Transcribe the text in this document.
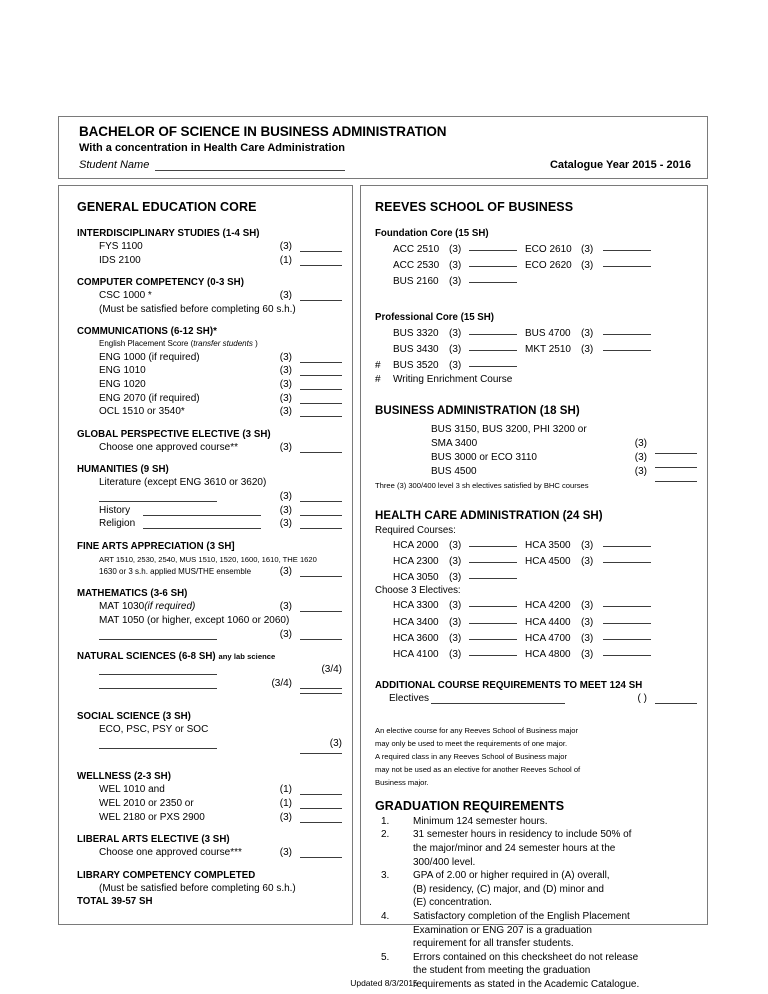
BACHELOR OF SCIENCE IN BUSINESS ADMINISTRATION
With a concentration in Health Care Administration
Student Name	Catalogue Year 2015 - 2016
GENERAL EDUCATION CORE
INTERDISCIPLINARY STUDIES (1-4 SH)
FYS 1100	(3)
IDS 2100	(1)
COMPUTER COMPETENCY (0-3 SH)
CSC 1000 *	(3)
(Must be satisfied before completing 60 s.h.)
COMMUNICATIONS (6-12 SH)*
English Placement Score (transfer students )
ENG 1000 (if required)	(3)
ENG 1010	(3)
ENG 1020	(3)
ENG 2070 (if required)	(3)
OCL 1510 or 3540*	(3)
GLOBAL PERSPECTIVE ELECTIVE (3 SH)
Choose one approved course**	(3)
HUMANITIES (9 SH)
Literature (except ENG 3610 or 3620)
(3)
History	(3)
Religion	(3)
FINE ARTS APPRECIATION (3 SH]
ART 1510, 2530, 2540, MUS 1510, 1520, 1600, 1610, THE 1620
1630 or 3 s.h. applied MUS/THE ensemble	(3)
MATHEMATICS (3-6 SH)
MAT 1030 (if required)	(3)
MAT 1050 (or higher, except 1060 or 2060)
(3)
NATURAL SCIENCES (6-8 SH) any lab science
(3/4)
(3/4)
SOCIAL SCIENCE (3 SH)
ECO, PSC, PSY or SOC
(3)
WELLNESS (2-3 SH)
WEL 1010 and	(1)
WEL 2010 or 2350 or	(1)
WEL 2180 or PXS 2900	(3)
LIBERAL ARTS ELECTIVE (3 SH)
Choose one approved course***	(3)
LIBRARY COMPETENCY COMPLETED
(Must be satisfied before completing 60 s.h.)
TOTAL 39-57 SH
REEVES SCHOOL OF BUSINESS
Foundation Core (15 SH)
ACC 2510 (3)	ECO 2610 (3)
ACC 2530 (3)	ECO 2620 (3)
BUS 2160	(3)
Professional Core (15 SH)
BUS 3320	(3)	BUS 4700	(3)
BUS 3430	(3)	MKT 2510	(3)
#	BUS 3520	(3)
#	Writing Enrichment Course
BUSINESS ADMINISTRATION (18 SH)
BUS 3150, BUS 3200, PHI 3200 or
SMA 3400	(3)
BUS 3000 or ECO 3110	(3)
BUS 4500	(3)
Three (3) 300/400 level 3 sh electives satisfied by BHC courses
HEALTH CARE ADMINISTRATION (24 SH)
Required Courses:
HCA 2000	(3)	HCA 3500	(3)
HCA 2300	(3)	HCA 4500	(3)
HCA 3050	(3)
Choose 3 Electives:
HCA 3300	(3)	HCA 4200	(3)
HCA 3400	(3)	HCA 4400	(3)
HCA 3600	(3)	HCA 4700	(3)
HCA 4100	(3)	HCA 4800	(3)
ADDITIONAL COURSE REQUIREMENTS TO MEET 124 SH
Electives	( )
An elective course for any Reeves School of Business major
may only be used to meet the requirements of one major.
A required class in any Reeves School of Business major
may not be used as an elective for another Reeves School of
Business major.
GRADUATION REQUIREMENTS
1.	Minimum 124 semester hours.
2.	31 semester hours in residency to include 50% of
the major/minor and 24 semester hours at the
300/400 level.
3.	GPA of 2.00 or higher required in (A) overall,
(B) residency, (C) major, and (D) minor and
(E) concentration.
4.	Satisfactory completion of the English Placement
Examination or ENG 207 is a graduation
requirement for all transfer students.
5.	Errors contained on this checksheet do not release
the student from meeting the graduation
requirements as stated in the Academic Catalogue.
Updated 8/3/2015
